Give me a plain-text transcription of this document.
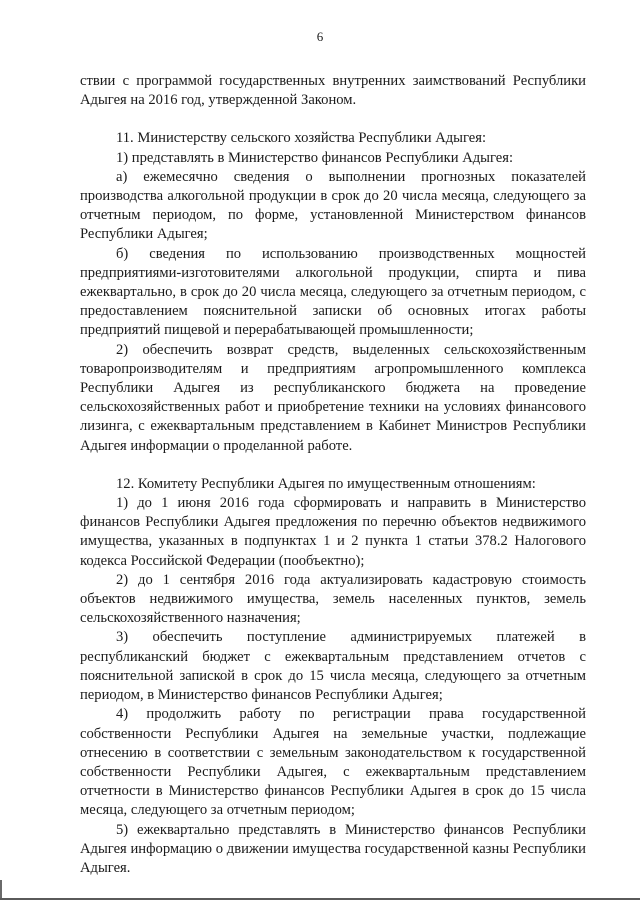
6

ствии с программой государственных внутренних заимствований Республики Адыгея на 2016 год, утвержденной Законом.

11. Министерству сельского хозяйства Республики Адыгея:

1) представлять в Министерство финансов Республики Адыгея:

а) ежемесячно сведения о выполнении прогнозных показателей производства алкогольной продукции в срок до 20 числа месяца, следующего за отчетным периодом, по форме, установленной Министерством финансов Республики Адыгея;

б) сведения по использованию производственных мощностей предприятиями-изготовителями алкогольной продукции, спирта и пива ежеквартально, в срок до 20 числа месяца, следующего за отчетным периодом, с предоставлением пояснительной записки об основных итогах работы предприятий пищевой и перерабатывающей промышленности;

2) обеспечить возврат средств, выделенных сельскохозяйственным товаропроизводителям и предприятиям агропромышленного комплекса Республики Адыгея из республиканского бюджета на проведение сельскохозяйственных работ и приобретение техники на условиях финансового лизинга, с ежеквартальным представлением в Кабинет Министров Республики Адыгея информации о проделанной работе.

12. Комитету Республики Адыгея по имущественным отношениям:

1) до 1 июня 2016 года сформировать и направить в Министерство финансов Республики Адыгея предложения по перечню объектов недвижимого имущества, указанных в подпунктах 1 и 2 пункта 1 статьи 378.2 Налогового кодекса Российской Федерации (пообъектно);

2) до 1 сентября 2016 года актуализировать кадастровую стоимость объектов недвижимого имущества, земель населенных пунктов, земель сельскохозяйственного назначения;

3) обеспечить поступление администрируемых платежей в республиканский бюджет с ежеквартальным представлением отчетов с пояснительной запиской в срок до 15 числа месяца, следующего за отчетным периодом, в Министерство финансов Республики Адыгея;

4) продолжить работу по регистрации права государственной собственности Республики Адыгея на земельные участки, подлежащие отнесению в соответствии с земельным законодательством к государственной собственности Республики Адыгея, с ежеквартальным представлением отчетности в Министерство финансов Республики Адыгея в срок до 15 числа месяца, следующего за отчетным периодом;

5) ежеквартально представлять в Министерство финансов Республики Адыгея информацию о движении имущества государственной казны Республики Адыгея.
